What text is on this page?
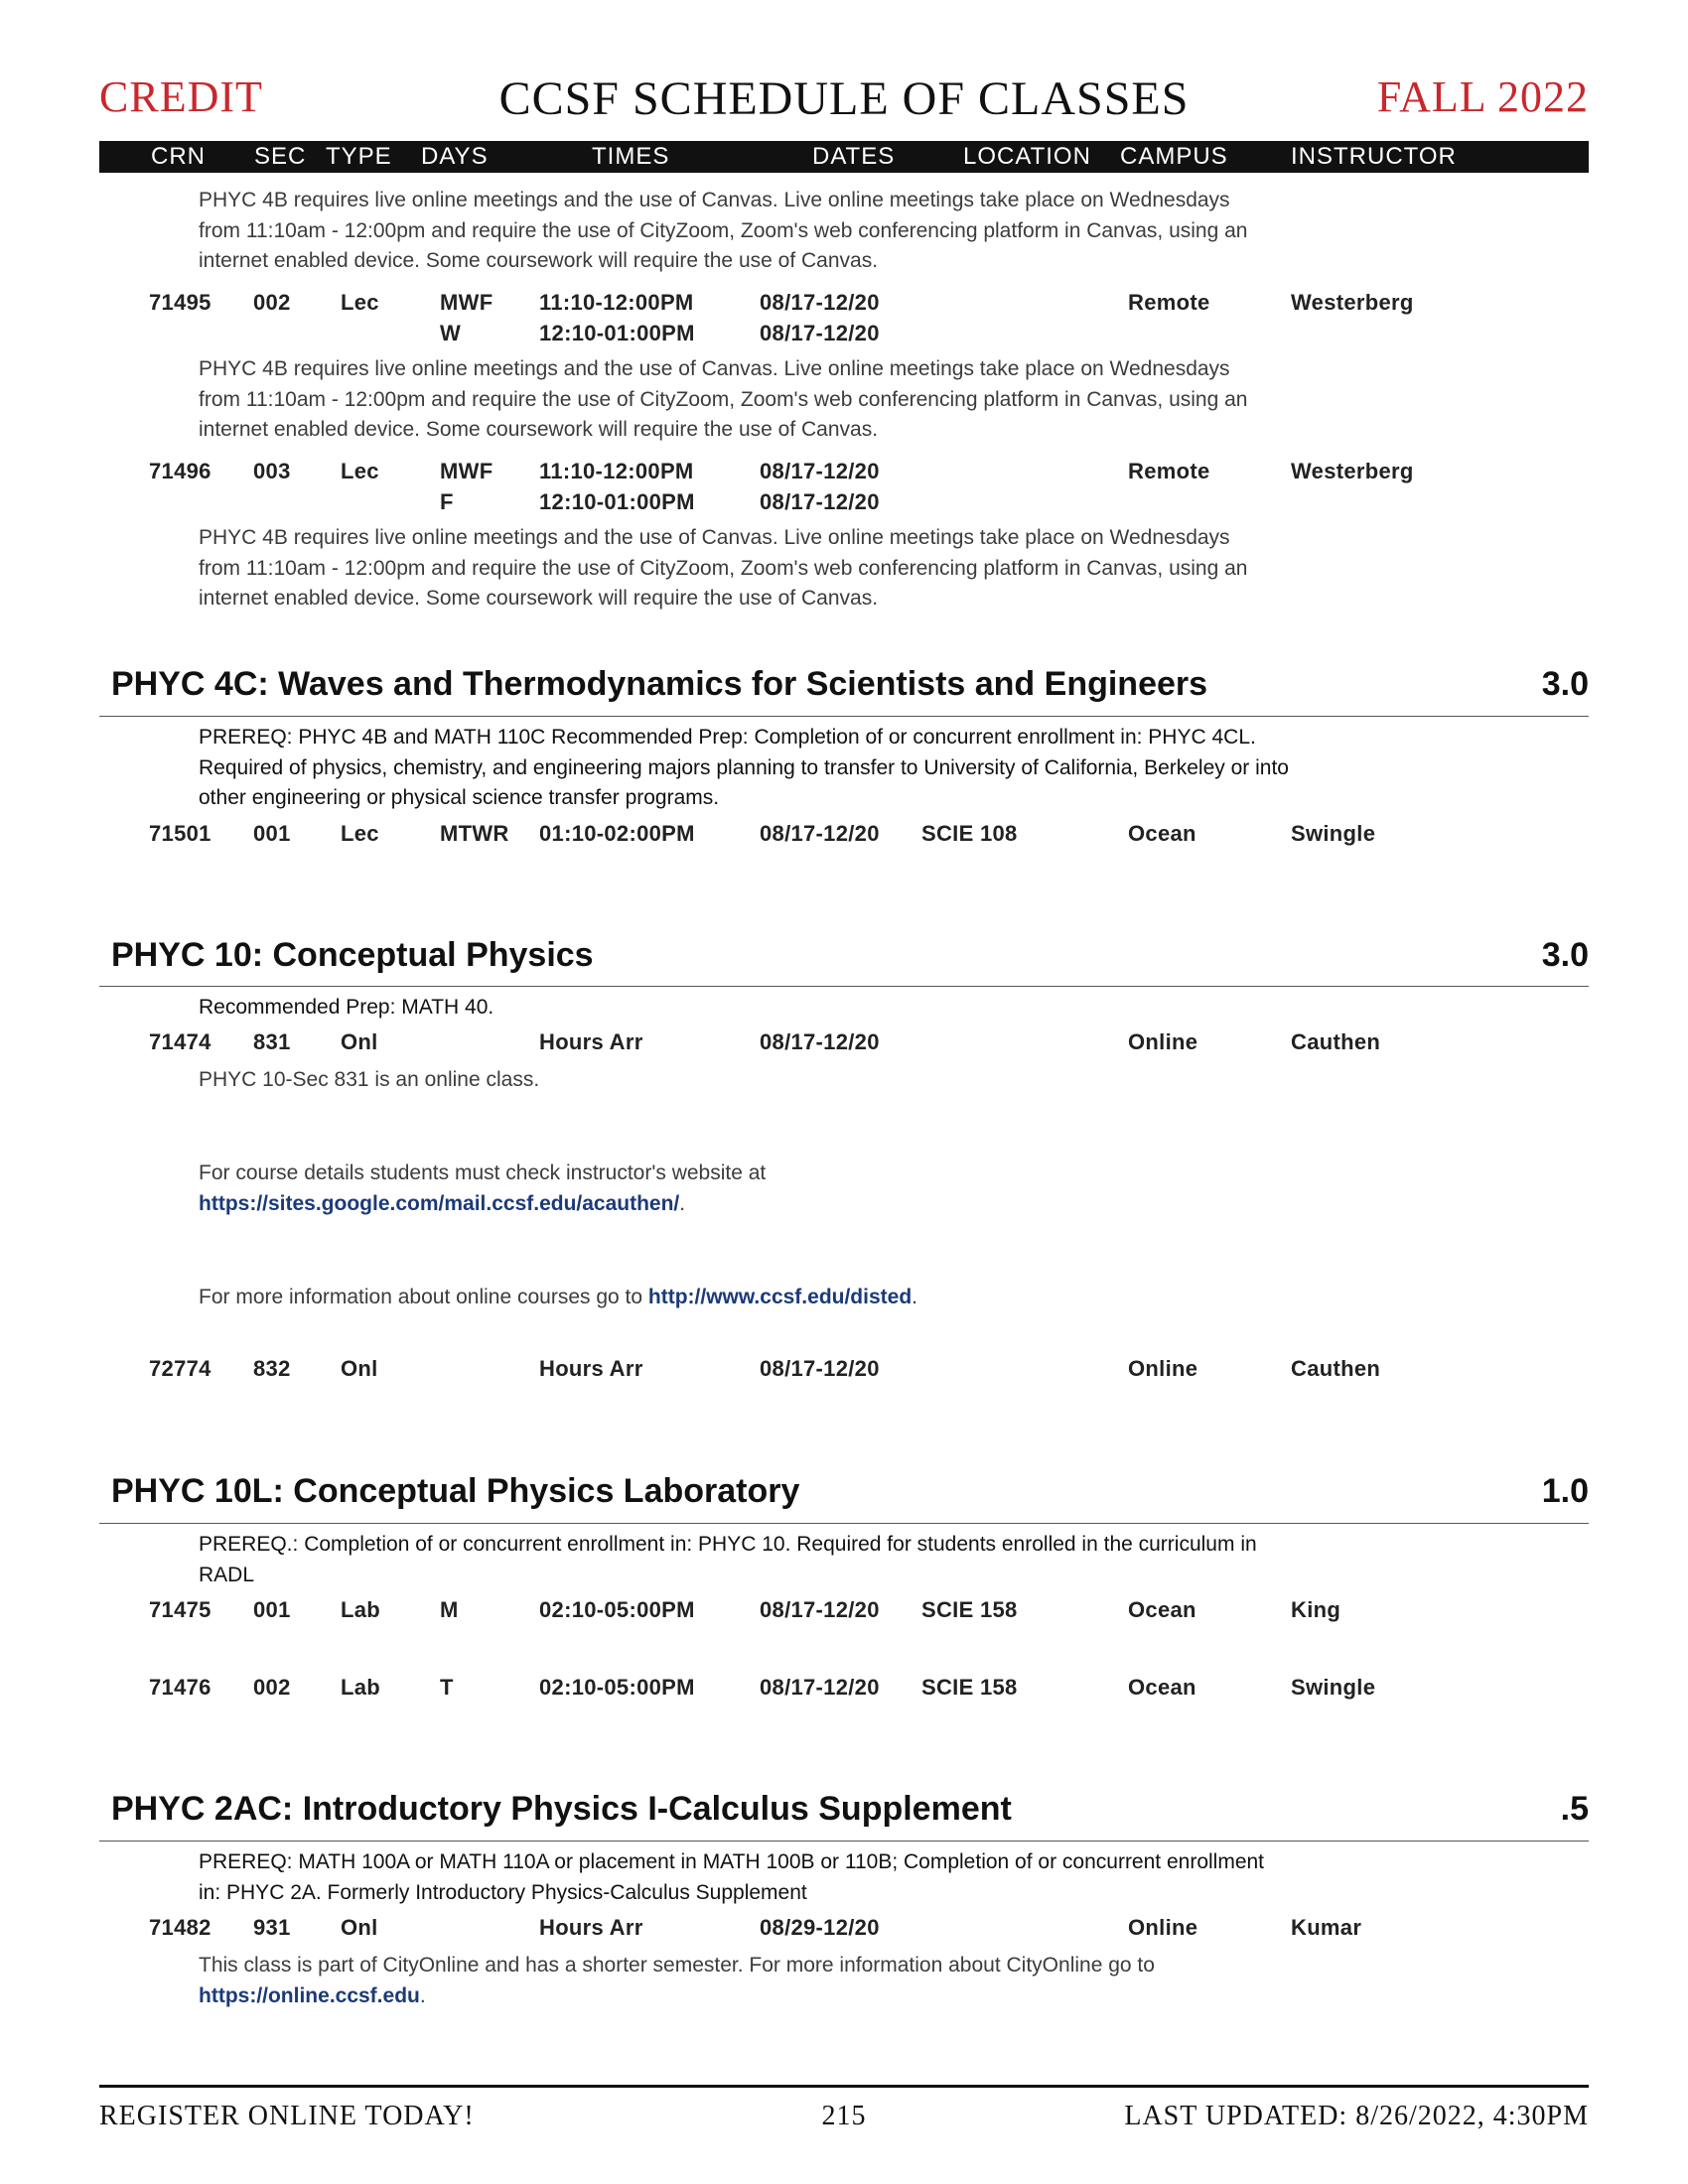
CREDIT	CCSF SCHEDULE OF CLASSES	FALL 2022
CRN SEC TYPE DAYS	TIMES	DATES	LOCATION CAMPUS	INSTRUCTOR
PHYC 4B requires live online meetings and the use of Canvas. Live online meetings take place on Wednesdays from 11:10am - 12:00pm and require the use of CityZoom, Zoom's web conferencing platform in Canvas, using an internet enabled device. Some coursework will require the use of Canvas.
71495 002 Lec	MWF 11:10-12:00PM	08/17-12/20	Remote	Westerberg
W	12:10-01:00PM	08/17-12/20
PHYC 4B requires live online meetings and the use of Canvas. Live online meetings take place on Wednesdays from 11:10am - 12:00pm and require the use of CityZoom, Zoom's web conferencing platform in Canvas, using an internet enabled device. Some coursework will require the use of Canvas.
71496 003 Lec	MWF 11:10-12:00PM	08/17-12/20	Remote	Westerberg
F	12:10-01:00PM	08/17-12/20
PHYC 4B requires live online meetings and the use of Canvas. Live online meetings take place on Wednesdays from 11:10am - 12:00pm and require the use of CityZoom, Zoom's web conferencing platform in Canvas, using an internet enabled device. Some coursework will require the use of Canvas.
PHYC 4C: Waves and Thermodynamics for Scientists and Engineers	3.0
PREREQ: PHYC 4B and MATH 110C Recommended Prep: Completion of or concurrent enrollment in: PHYC 4CL. Required of physics, chemistry, and engineering majors planning to transfer to University of California, Berkeley or into other engineering or physical science transfer programs.
71501 001 Lec	MTWR 01:10-02:00PM	08/17-12/20 SCIE 108	Ocean	Swingle
PHYC 10: Conceptual Physics	3.0
Recommended Prep: MATH 40.
71474 831 Onl	Hours Arr	08/17-12/20	Online	Cauthen
PHYC 10-Sec 831 is an online class.
For course details students must check instructor's website at https://sites.google.com/mail.ccsf.edu/acauthen/.
For more information about online courses go to http://www.ccsf.edu/disted.
72774 832 Onl	Hours Arr	08/17-12/20	Online	Cauthen
PHYC 10L: Conceptual Physics Laboratory	1.0
PREREQ.: Completion of or concurrent enrollment in: PHYC 10. Required for students enrolled in the curriculum in RADL
71475 001 Lab	M	02:10-05:00PM	08/17-12/20 SCIE 158	Ocean	King
71476 002 Lab	T	02:10-05:00PM	08/17-12/20 SCIE 158	Ocean	Swingle
PHYC 2AC: Introductory Physics I-Calculus Supplement	.5
PREREQ: MATH 100A or MATH 110A or placement in MATH 100B or 110B; Completion of or concurrent enrollment in: PHYC 2A. Formerly Introductory Physics-Calculus Supplement
71482 931 Onl	Hours Arr	08/29-12/20	Online	Kumar
This class is part of CityOnline and has a shorter semester. For more information about CityOnline go to https://online.ccsf.edu.
REGISTER ONLINE TODAY!	215	LAST UPDATED: 8/26/2022, 4:30PM
